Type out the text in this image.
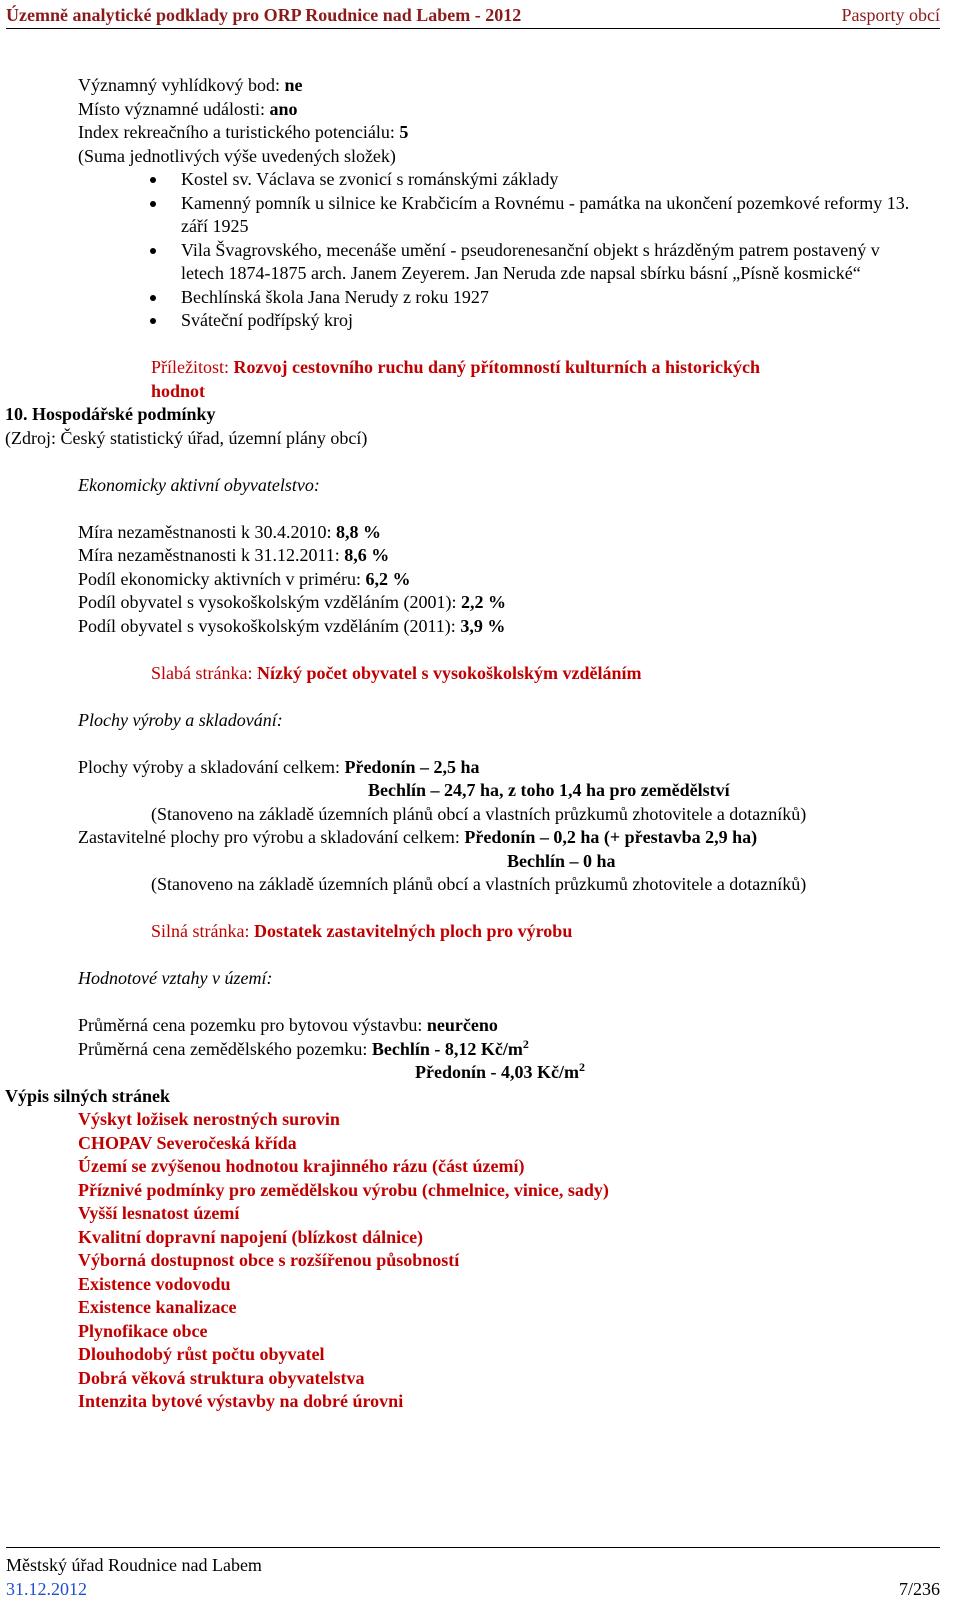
Územně analytické podklady pro ORP Roudnice nad Labem - 2012	Pasporty obcí

Významný vyhlídkový bod: ne

Místo významné události: ano

Index rekreačního a turistického potenciálu: 5

(Suma jednotlivých výše uvedených složek)

Kostel sv. Václava se zvonicí s románskými základy
Kamenný pomník u silnice ke Krabčicím a Rovnému - památka na ukončení pozemkové reformy 13. září 1925
Vila Švagrovského, mecenáše umění - pseudorenesanční objekt s hrázděným patrem postavený v letech 1874-1875 arch. Janem Zeyerem. Jan Neruda zde napsal sbírku básní „Písně kosmické“
Bechlínská škola Jana Nerudy z roku 1927
Sváteční podřípský kroj

Příležitost: Rozvoj cestovního ruchu daný přítomností kulturních a historických

hodnot

10. Hospodářské podmínky

(Zdroj: Český statistický úřad, územní plány obcí)

Ekonomicky aktivní obyvatelstvo:

Míra nezaměstnanosti k 30.4.2010: 8,8 %

Míra nezaměstnanosti k 31.12.2011: 8,6 %

Podíl ekonomicky aktivních v priméru: 6,2 %

Podíl obyvatel s vysokoškolským vzděláním (2001): 2,2 %

Podíl obyvatel s vysokoškolským vzděláním (2011): 3,9 %

Slabá stránka: Nízký počet obyvatel s vysokoškolským vzděláním

Plochy výroby a skladování:

Plochy výroby a skladování celkem: Předonín – 2,5 ha

Bechlín – 24,7 ha, z toho 1,4 ha pro zemědělství

(Stanoveno na základě územních plánů obcí a vlastních průzkumů zhotovitele a dotazníků)

Zastavitelné plochy pro výrobu a skladování celkem: Předonín – 0,2 ha (+ přestavba 2,9 ha)

Bechlín – 0 ha

(Stanoveno na základě územních plánů obcí a vlastních průzkumů zhotovitele a dotazníků)

Silná stránka: Dostatek zastavitelných ploch pro výrobu

Hodnotové vztahy v území:

Průměrná cena pozemku pro bytovou výstavbu: neurčeno

Průměrná cena zemědělského pozemku: Bechlín - 8,12 $Kč/m^2$

Předonín - 4,03 $Kč/m^2$

Výpis silných stránek

Výskyt ložisek nerostných surovin

CHOPAV Severočeská křída

Území se zvýšenou hodnotou krajinného rázu (část území)

Příznivé podmínky pro zemědělskou výrobu (chmelnice, vinice, sady)

Vyšší lesnatost území

Kvalitní dopravní napojení (blízkost dálnice)

Výborná dostupnost obce s rozšířenou působností

Existence vodovodu

Existence kanalizace

Plynofikace obce

Dlouhodobý růst počtu obyvatel

Dobrá věková struktura obyvatelstva

Intenzita bytové výstavby na dobré úrovni

Městský úřad Roudnice nad Labem
31.12.2012	7/236
